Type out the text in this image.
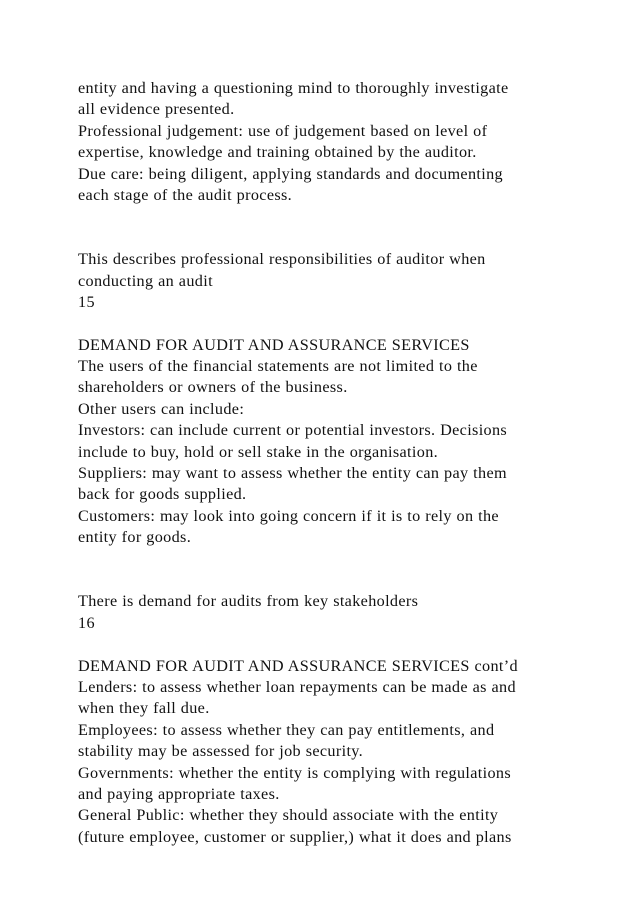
entity and having a questioning mind to thoroughly investigate
all evidence presented.
Professional judgement: use of judgement based on level of
expertise, knowledge and training obtained by the auditor.
Due care: being diligent, applying standards and documenting
each stage of the audit process.
This describes professional responsibilities of auditor when
conducting an audit
15
DEMAND FOR AUDIT AND ASSURANCE SERVICES
The users of the financial statements are not limited to the
shareholders or owners of the business.
Other users can include:
Investors: can include current or potential investors. Decisions
include to buy, hold or sell stake in the organisation.
Suppliers: may want to assess whether the entity can pay them
back for goods supplied.
Customers: may look into going concern if it is to rely on the
entity for goods.
There is demand for audits from key stakeholders
16
DEMAND FOR AUDIT AND ASSURANCE SERVICES cont’d
Lenders: to assess whether loan repayments can be made as and
when they fall due.
Employees: to assess whether they can pay entitlements, and
stability may be assessed for job security.
Governments: whether the entity is complying with regulations
and paying appropriate taxes.
General Public: whether they should associate with the entity
(future employee, customer or supplier,) what it does and plans
